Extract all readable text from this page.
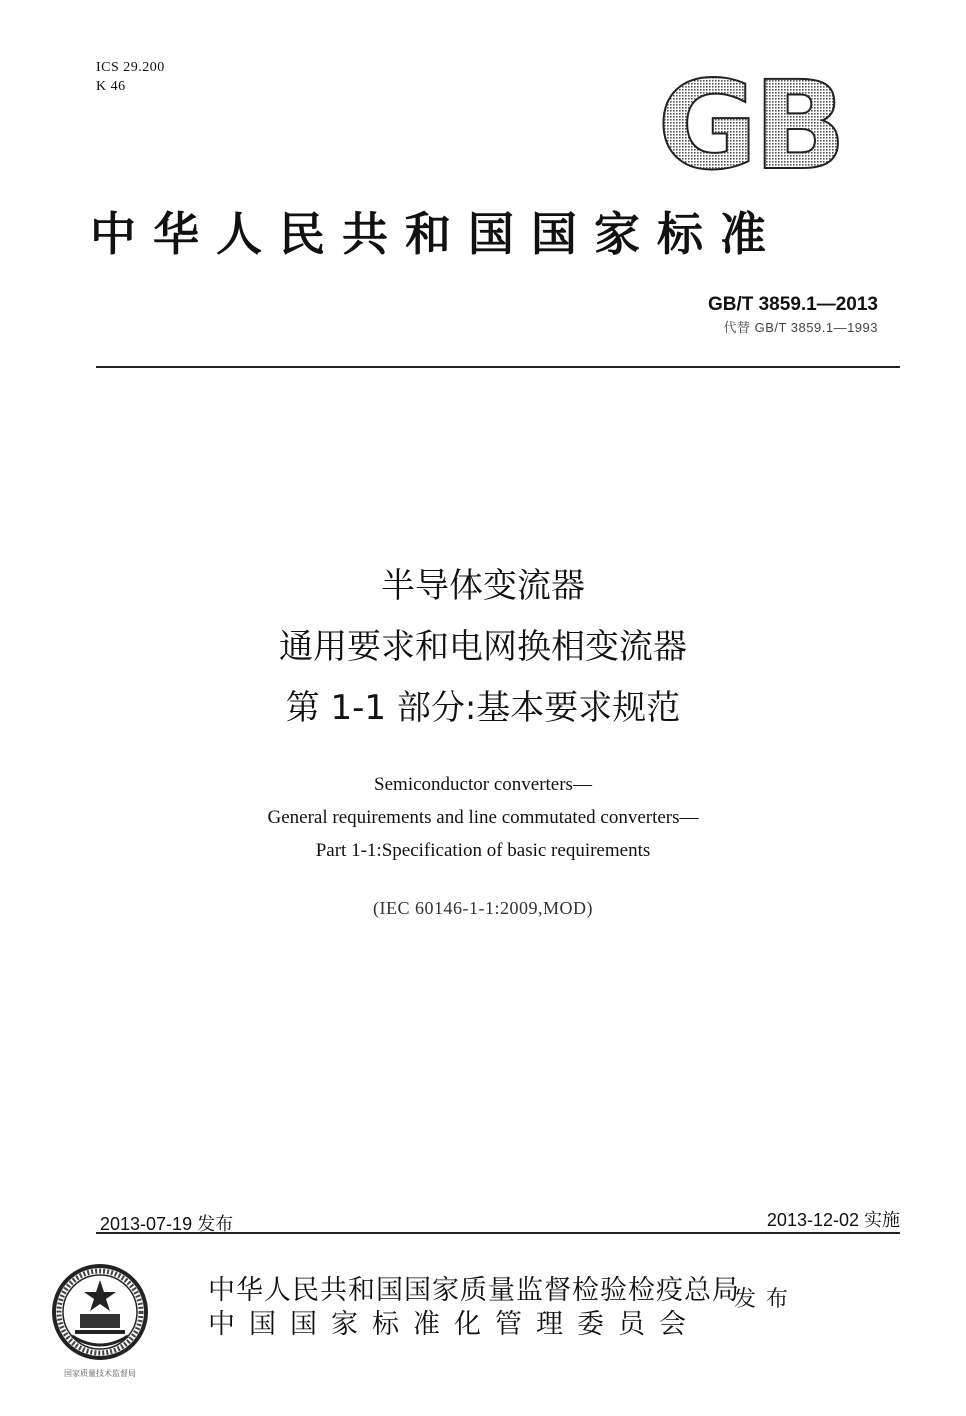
ICS 29.200
K 46	GB
中华人民共和国国家标准
GB/T 3859.1—2013
代替 GB/T 3859.1—1993
半导体变流器
通用要求和电网换相变流器
第 1-1 部分:基本要求规范
Semiconductor converters—
General requirements and line commutated converters—
Part 1-1:Specification of basic requirements
(IEC 60146-1-1:2009,MOD)
2013-07-19 发布	2013-12-02 实施
国家质量技术监督局
中华人民共和国国家质量监督检验检疫总局
中国国家标准化管理委员会
发布
